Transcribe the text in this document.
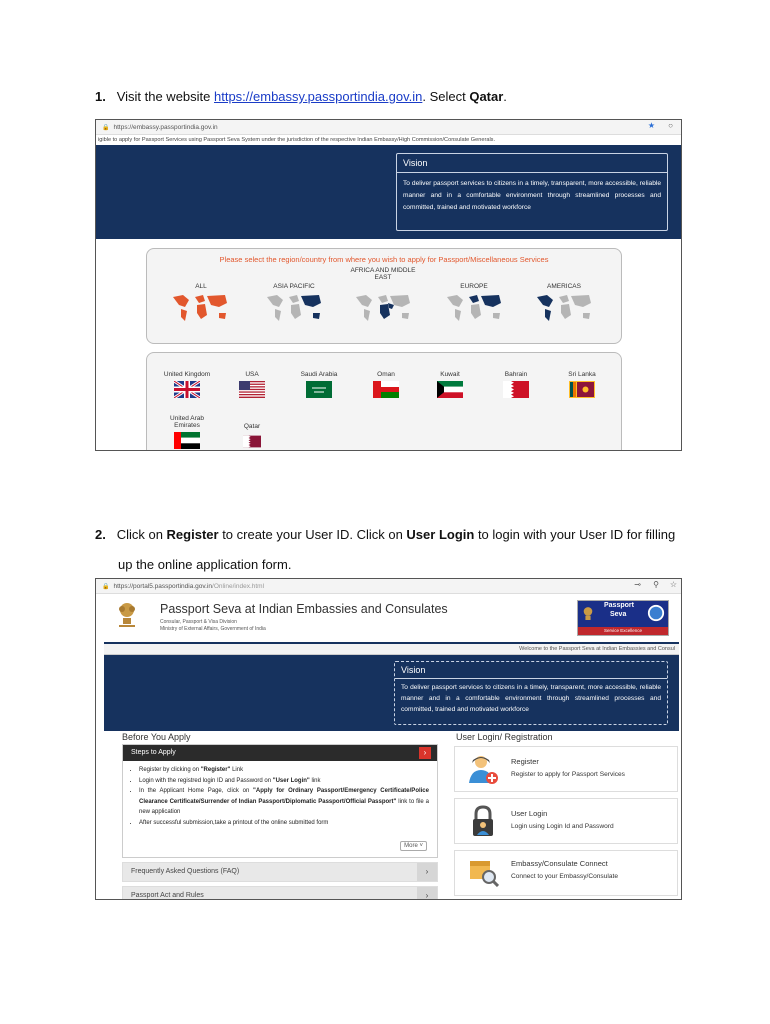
1. Visit the website https://embassy.passportindia.gov.in. Select Qatar.
🔒 https://embassy.passportindia.gov.in	★ ○
igible to apply for Passport Services using Passport Seva System under the jurisdiction of the respective Indian Embassy/High Commission/Consulate Generals.
Vision
To deliver passport services to citizens in a timely, transparent, more accessible, reliable manner and in a comfortable environment through streamlined processes and committed, trained and motivated workforce
Please select the region/country from where you wish to apply for Passport/Miscellaneous Services
ALL	ASIA PACIFIC
AFRICA AND MIDDLE
EAST
EUROPE	AMERICAS
United Kingdom	USA	Saudi Arabia	Oman	Kuwait	Bahrain	Sri Lanka
United Arab
Emirates	Qatar
2. Click on Register to create your User ID. Click on User Login to login with your User ID for filling
up the online application form.
🔒 https://portal5.passportindia.gov.in /Online/index.html	⊸ ⚲ ☆
Passport Seva at Indian Embassies and Consulates
Consular, Passport & Visa Division
Ministry of External Affairs, Government of India
Passport
Seva
Service Excellence
Welcome to the Passport Seva at Indian Embassies and Consul
Vision
To deliver passport services to citizens in a timely, transparent, more accessible, reliable manner and in a comfortable environment through streamlined processes and committed, trained and motivated workforce
Before You Apply
Steps to Apply	›
• Register by clicking on "Register" Link
• Login with the registred login ID and Password on "User Login" link
• In the Applicant Home Page, click on "Apply for Ordinary Passport/Emergency Certificate/Police Clearance Certificate/Surrender of Indian Passport/Diplomatic Passport/Official Passport" link to file a new application
• After successful submission,take a printout of the online submitted form
More ˅
Frequently Asked Questions (FAQ)	›
Passport Act and Rules	›
User Login/ Registration
Register
Register to apply for Passport Services
User Login
Login using Login Id and Password
Embassy/Consulate Connect
Connect to your Embassy/Consulate
